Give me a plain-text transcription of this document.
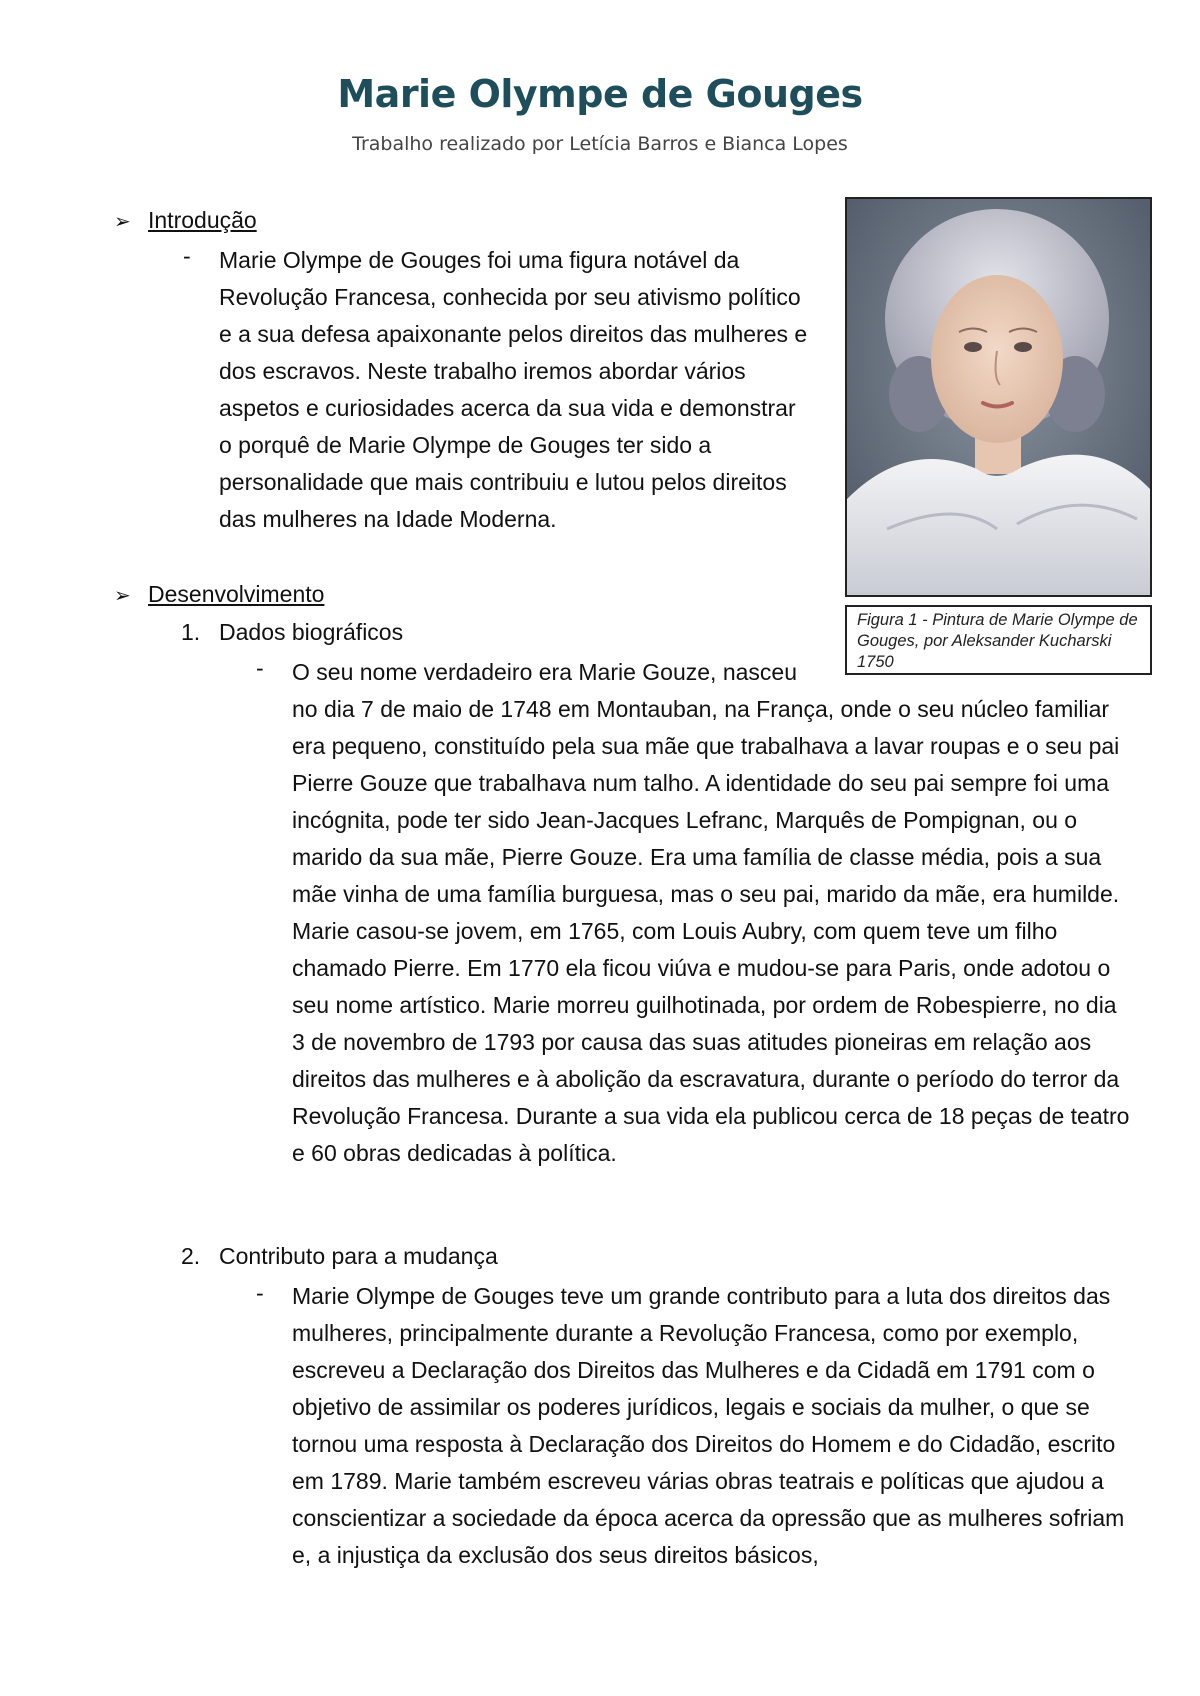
Marie Olympe de Gouges
Trabalho realizado por Letícia Barros e Bianca Lopes
➢ Introdução
- Marie Olympe de Gouges foi uma figura notável da Revolução Francesa, conhecida por seu ativismo político e a sua defesa apaixonante pelos direitos das mulheres e dos escravos. Neste trabalho iremos abordar vários aspetos e curiosidades acerca da sua vida e demonstrar o porquê de Marie Olympe de Gouges ter sido a personalidade que mais contribuiu e lutou pelos direitos das mulheres na Idade Moderna.

Figura 1 - Pintura de Marie Olympe de Gouges, por Aleksander Kucharski 1750
➢ Desenvolvimento
1. Dados biográficos
- O seu nome verdadeiro era Marie Gouze, nasceu

no dia 7 de maio de 1748 em Montauban, na França, onde o seu núcleo familiar era pequeno, constituído pela sua mãe que trabalhava a lavar roupas e o seu pai Pierre Gouze que trabalhava num talho. A identidade do seu pai sempre foi uma incógnita, pode ter sido Jean-Jacques Lefranc, Marquês de Pompignan, ou o marido da sua mãe, Pierre Gouze. Era uma família de classe média, pois a sua mãe vinha de uma família burguesa, mas o seu pai, marido da mãe, era humilde. Marie casou-se jovem, em 1765, com Louis Aubry, com quem teve um filho chamado Pierre. Em 1770 ela ficou viúva e mudou-se para Paris, onde adotou o seu nome artístico. Marie morreu guilhotinada, por ordem de Robespierre, no dia 3 de novembro de 1793 por causa das suas atitudes pioneiras em relação aos direitos das mulheres e à abolição da escravatura, durante o período do terror da Revolução Francesa. Durante a sua vida ela publicou cerca de 18 peças de teatro e 60 obras dedicadas à política.

2. Contributo para a mudança
- Marie Olympe de Gouges teve um grande contributo para a luta dos direitos das mulheres, principalmente durante a Revolução Francesa, como por exemplo, escreveu a Declaração dos Direitos das Mulheres e da Cidadã em 1791 com o objetivo de assimilar os poderes jurídicos, legais e sociais da mulher, o que se tornou uma resposta à Declaração dos Direitos do Homem e do Cidadão, escrito em 1789. Marie também escreveu várias obras teatrais e políticas que ajudou a conscientizar a sociedade da época acerca da opressão que as mulheres sofriam e, a injustiça da exclusão dos seus direitos básicos,
